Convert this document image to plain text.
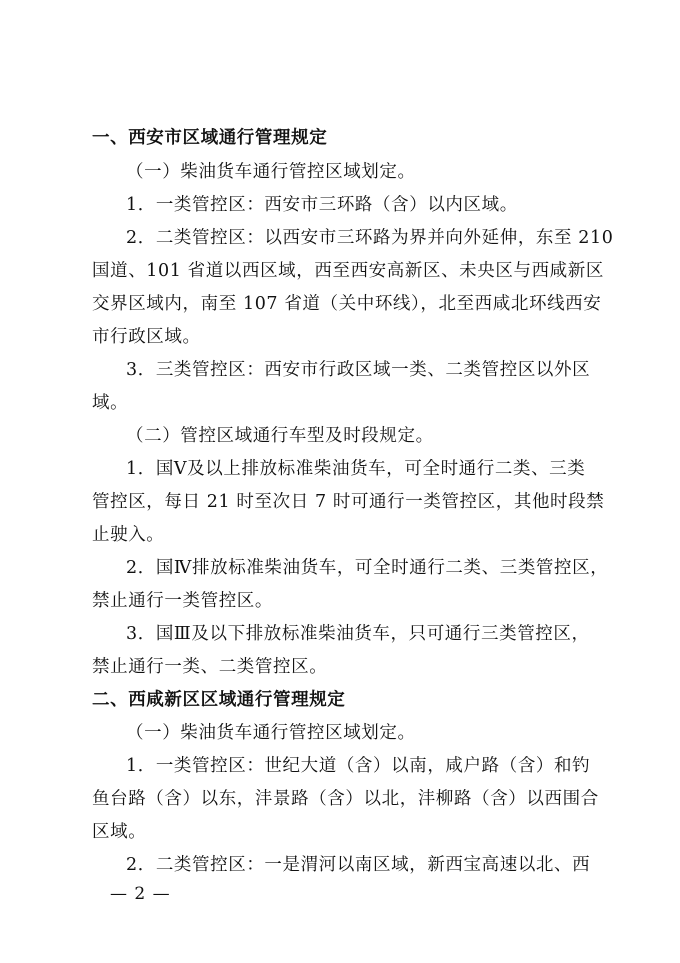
一、西安市区域通行管理规定
（一）柴油货车通行管控区域划定。
1．一类管控区：西安市三环路（含）以内区域。
2．二类管控区：以西安市三环路为界并向外延伸，东至 210
国道、101 省道以西区域，西至西安高新区、未央区与西咸新区
交界区域内，南至 107 省道（关中环线），北至西咸北环线西安
市行政区域。
3．三类管控区：西安市行政区域一类、二类管控区以外区
域。
（二）管控区域通行车型及时段规定。
1．国Ⅴ及以上排放标准柴油货车，可全时通行二类、三类
管控区，每日 21 时至次日 7 时可通行一类管控区，其他时段禁
止驶入。
2．国Ⅳ排放标准柴油货车，可全时通行二类、三类管控区，
禁止通行一类管控区。
3．国Ⅲ及以下排放标准柴油货车，只可通行三类管控区，
禁止通行一类、二类管控区。
二、西咸新区区域通行管理规定
（一）柴油货车通行管控区域划定。
1．一类管控区：世纪大道（含）以南，咸户路（含）和钓
鱼台路（含）以东，沣景路（含）以北，沣柳路（含）以西围合
区域。
2．二类管控区：一是渭河以南区域，新西宝高速以北、西
— 2 —
